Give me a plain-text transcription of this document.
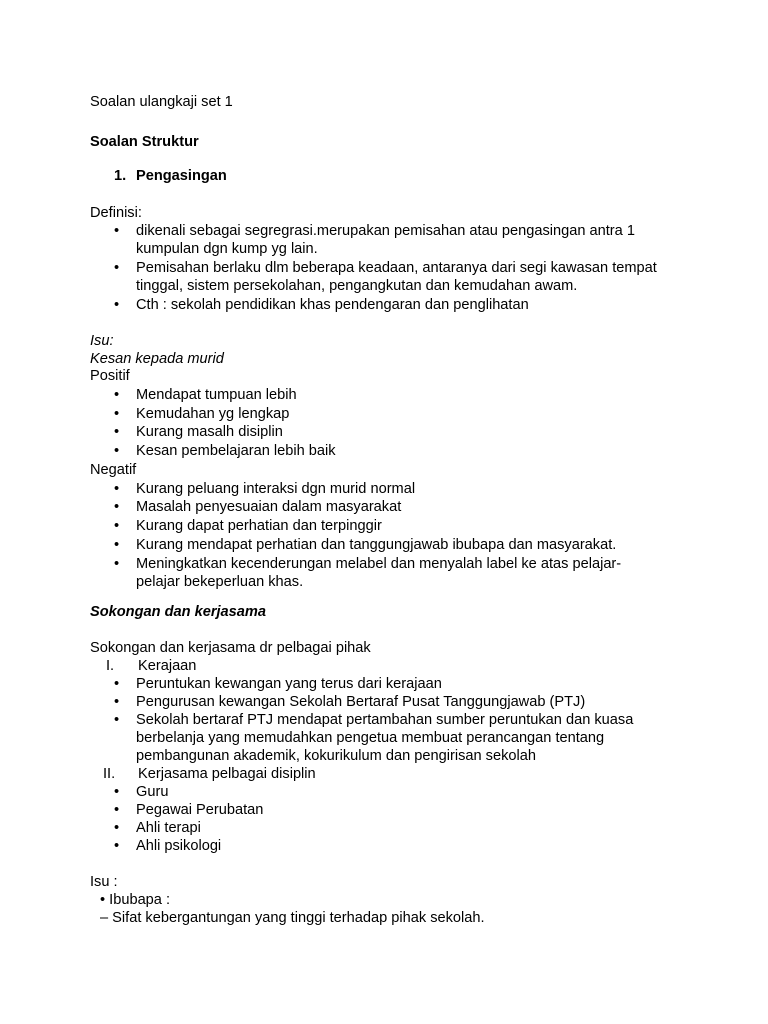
Soalan ulangkaji set 1
Soalan Struktur
1. Pengasingan
Definisi:
• dikenali sebagai segregrasi.merupakan pemisahan atau pengasingan antra 1
kumpulan dgn kump yg lain.
• Pemisahan berlaku dlm beberapa keadaan, antaranya dari segi kawasan tempat
tinggal, sistem persekolahan, pengangkutan dan kemudahan awam.
• Cth : sekolah pendidikan khas pendengaran dan penglihatan
Isu:
Kesan kepada murid
Positif
• Mendapat tumpuan lebih
• Kemudahan yg lengkap
• Kurang masalh disiplin
• Kesan pembelajaran lebih baik
Negatif
• Kurang peluang interaksi dgn murid normal
• Masalah penyesuaian dalam masyarakat
• Kurang dapat perhatian dan terpinggir
• Kurang mendapat perhatian dan tanggungjawab ibubapa dan masyarakat.
• Meningkatkan kecenderungan melabel dan menyalah label ke atas pelajar-
pelajar bekeperluan khas.
Sokongan dan kerjasama
Sokongan dan kerjasama dr pelbagai pihak
I. Kerajaan
• Peruntukan kewangan yang terus dari kerajaan
• Pengurusan kewangan Sekolah Bertaraf Pusat Tanggungjawab (PTJ)
• Sekolah bertaraf PTJ mendapat pertambahan sumber peruntukan dan kuasa
berbelanja yang memudahkan pengetua membuat perancangan tentang
pembangunan akademik, kokurikulum dan pengirisan sekolah
II. Kerjasama pelbagai disiplin
• Guru
• Pegawai Perubatan
• Ahli terapi
• Ahli psikologi
Isu :
• Ibubapa :
– Sifat kebergantungan yang tinggi terhadap pihak sekolah.
